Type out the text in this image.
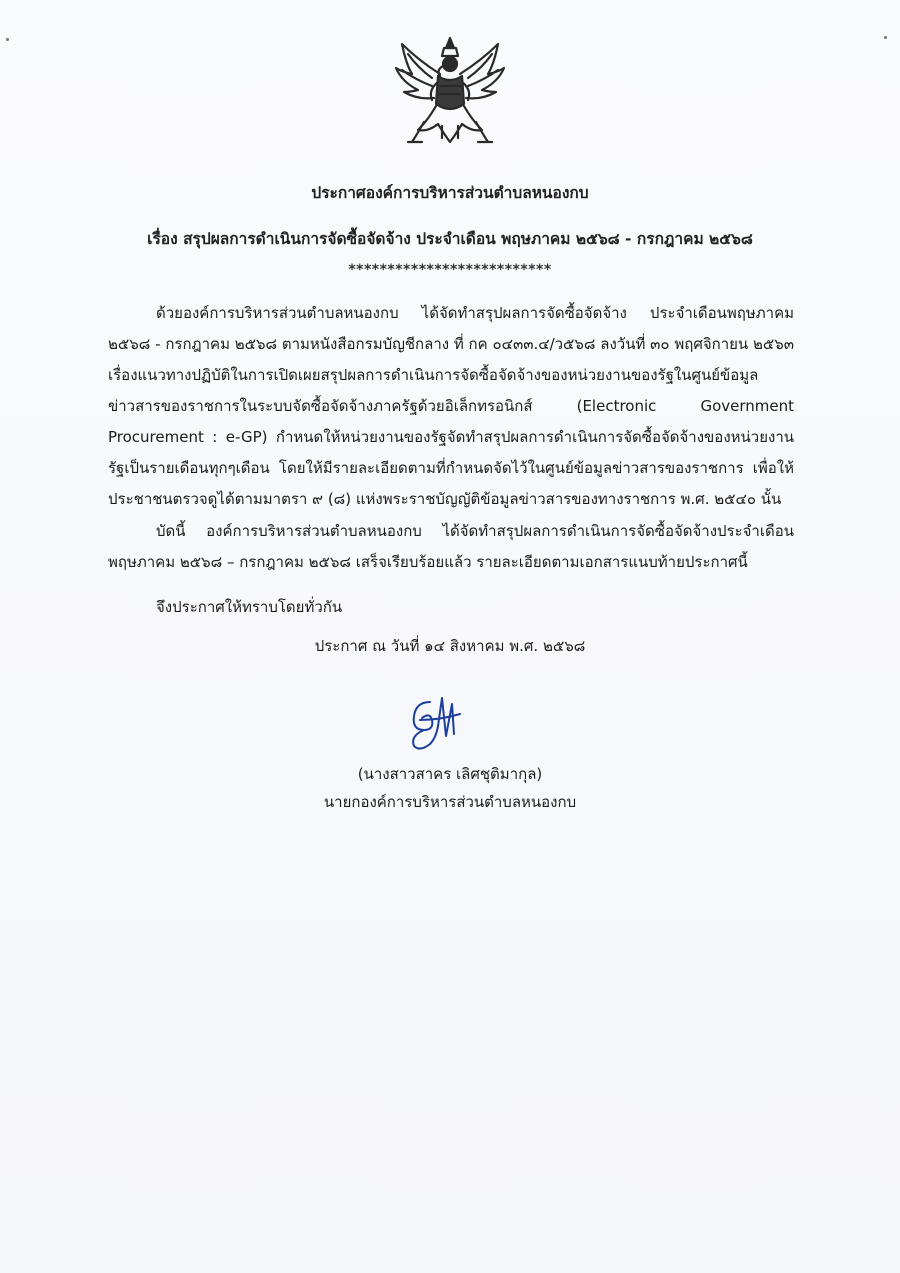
ประกาศองค์การบริหารส่วนตำบลหนองกบ
เรื่อง สรุปผลการดำเนินการจัดซื้อจัดจ้าง ประจำเดือน พฤษภาคม ๒๕๖๘ - กรกฎาคม ๒๕๖๘
**************************
ด้วยองค์การบริหารส่วนตำบลหนองกบ ได้จัดทำสรุปผลการจัดซื้อจัดจ้าง ประจำเดือนพฤษภาคม ๒๕๖๘ - กรกฎาคม ๒๕๖๘ ตามหนังสือกรมบัญชีกลาง ที่ กค ๐๔๓๓.๔/ว๕๖๘ ลงวันที่ ๓๐ พฤศจิกายน ๒๕๖๓ เรื่องแนวทางปฏิบัติในการเปิดเผยสรุปผลการดำเนินการจัดซื้อจัดจ้างของหน่วยงานของรัฐในศูนย์ข้อมูลข่าวสารของราชการในระบบจัดซื้อจัดจ้างภาครัฐด้วยอิเล็กทรอนิกส์ (Electronic Government Procurement : e-GP) กำหนดให้หน่วยงานของรัฐจัดทำสรุปผลการดำเนินการจัดซื้อจัดจ้างของหน่วยงานรัฐเป็นรายเดือนทุกๆเดือน โดยให้มีรายละเอียดตามที่กำหนดจัดไว้ในศูนย์ข้อมูลข่าวสารของราชการ เพื่อให้ประชาชนตรวจดูได้ตามมาตรา ๙ (๘) แห่งพระราชบัญญัติข้อมูลข่าวสารของทางราชการ พ.ศ. ๒๕๔๐ นั้น
บัดนี้ องค์การบริหารส่วนตำบลหนองกบ ได้จัดทำสรุปผลการดำเนินการจัดซื้อจัดจ้างประจำเดือน พฤษภาคม ๒๕๖๘ – กรกฎาคม ๒๕๖๘ เสร็จเรียบร้อยแล้ว รายละเอียดตามเอกสารแนบท้ายประกาศนี้
จึงประกาศให้ทราบโดยทั่วกัน
ประกาศ ณ วันที่ ๑๔ สิงหาคม พ.ศ. ๒๕๖๘
(นางสาวสาคร เลิศชุติมากุล)
นายกองค์การบริหารส่วนตำบลหนองกบ
